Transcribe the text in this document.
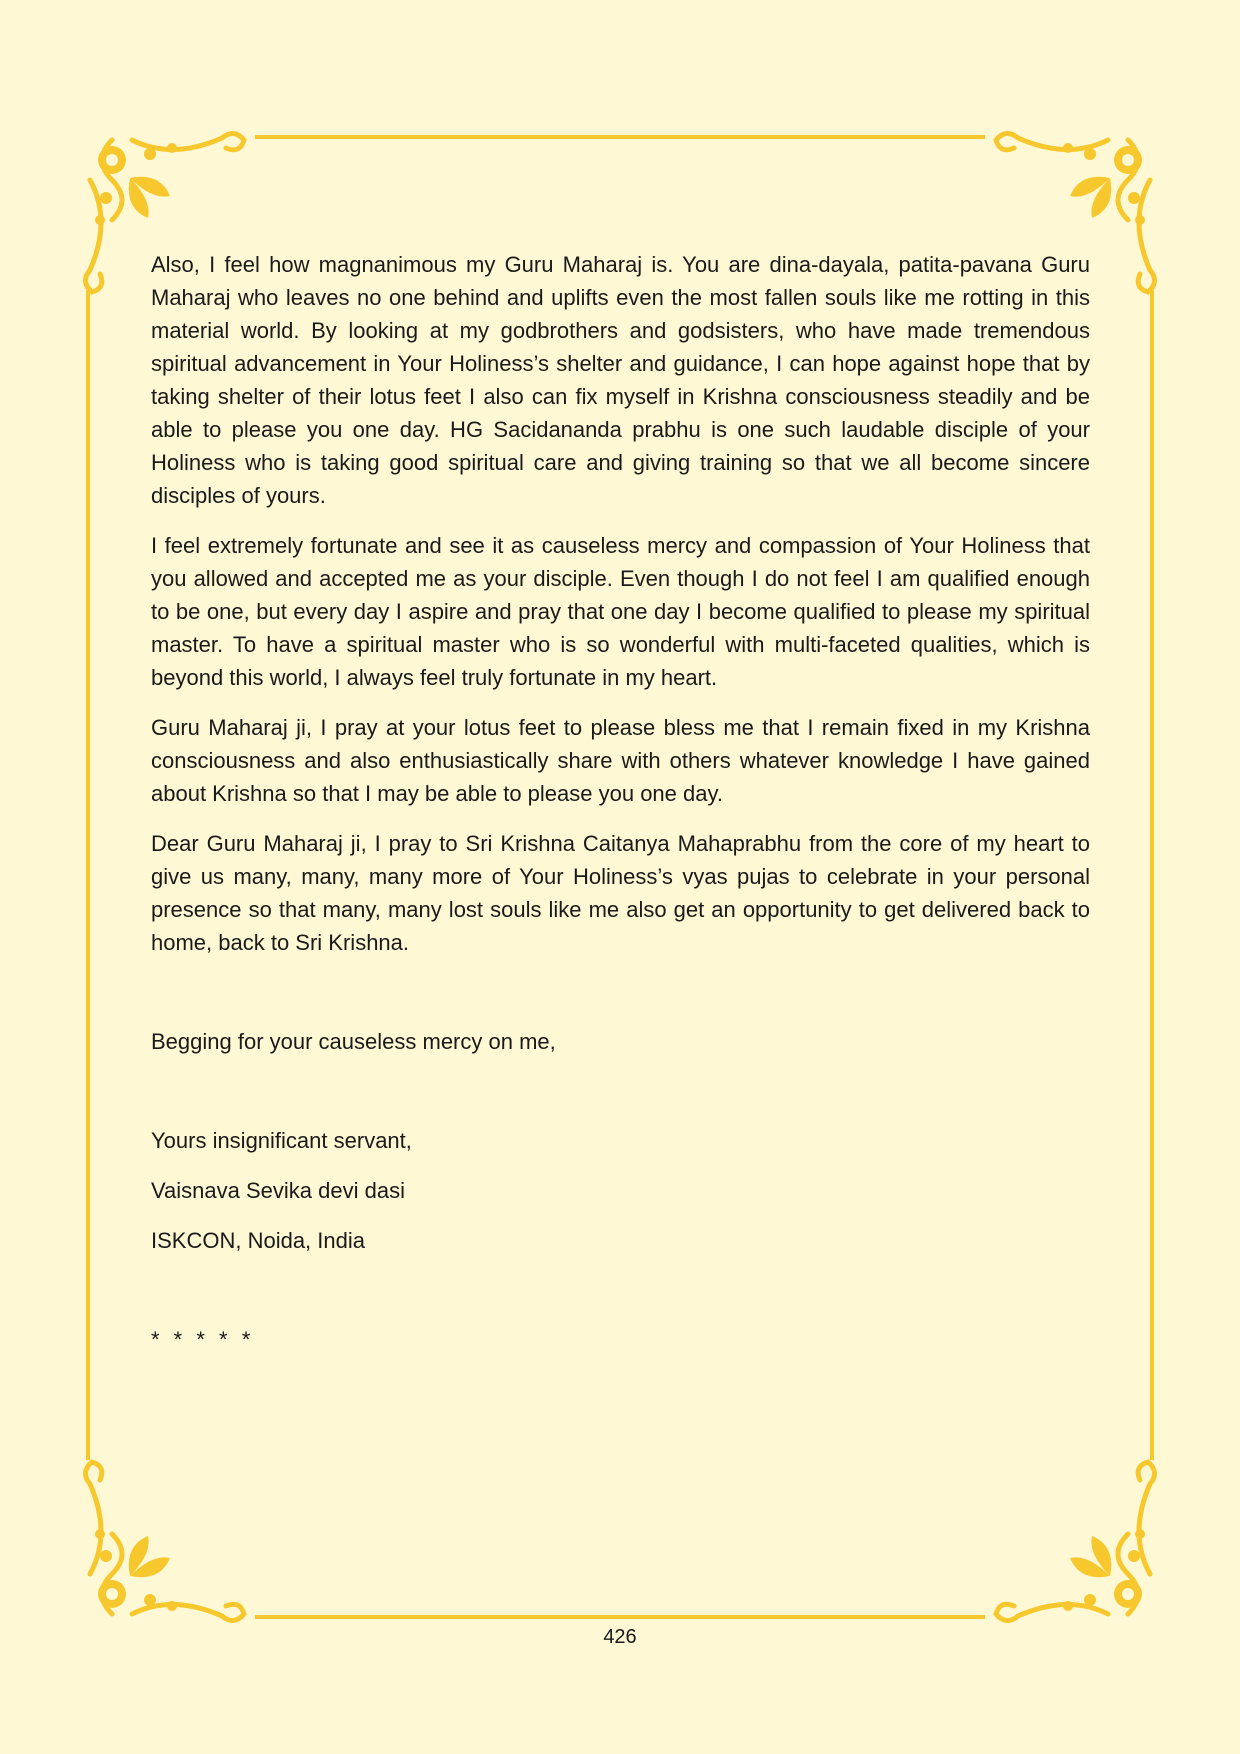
Also, I feel how magnanimous my Guru Maharaj is. You are dina-dayala, patita-pavana Guru Maharaj who leaves no one behind and uplifts even the most fallen souls like me rotting in this material world. By looking at my godbrothers and godsisters, who have made tremendous spiritual advancement in Your Holiness’s shelter and guidance, I can hope against hope that by taking shelter of their lotus feet I also can fix myself in Krishna consciousness steadily and be able to please you one day. HG Sacidananda prabhu is one such laudable disciple of your Holiness who is taking good spiritual care and giving training so that we all become sincere disciples of yours.

I feel extremely fortunate and see it as causeless mercy and compassion of Your Holiness that you allowed and accepted me as your disciple. Even though I do not feel I am qualified enough to be one, but every day I aspire and pray that one day I become qualified to please my spiritual master. To have a spiritual master who is so wonderful with multi-faceted qualities, which is beyond this world, I always feel truly fortunate in my heart.

Guru Maharaj ji, I pray at your lotus feet to please bless me that I remain fixed in my Krishna consciousness and also enthusiastically share with others whatever knowledge I have gained about Krishna so that I may be able to please you one day.

Dear Guru Maharaj ji, I pray to Sri Krishna Caitanya Mahaprabhu from the core of my heart to give us many, many, many more of Your Holiness’s vyas pujas to celebrate in your personal presence so that many, many lost souls like me also get an opportunity to get delivered back to home, back to Sri Krishna.

Begging for your causeless mercy on me,

Yours insignificant servant,

Vaisnava Sevika devi dasi

ISKCON, Noida, India

* * * * *

426
